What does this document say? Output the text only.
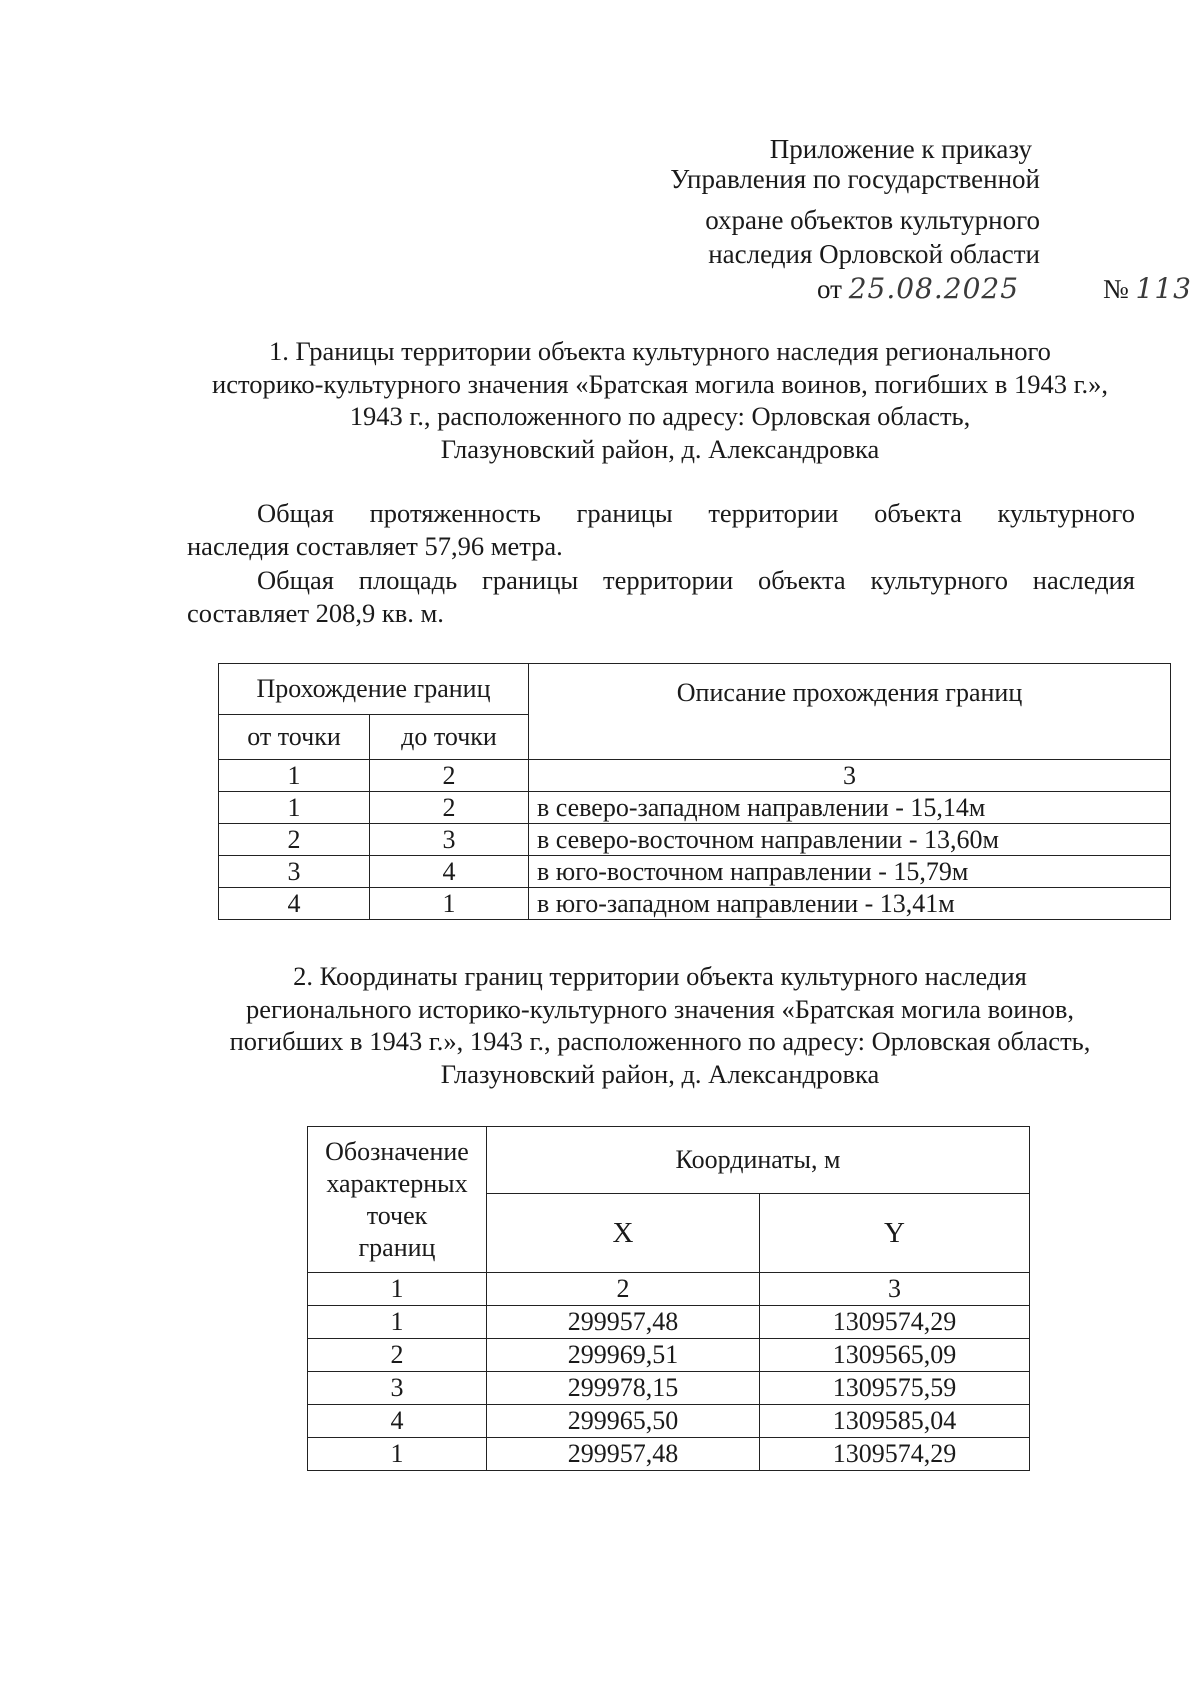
Приложение к приказу
Управления по государственной
охране объектов культурного
наследия Орловской области
от 25.08.2025	№ 113
1. Границы территории объекта культурного наследия регионального
историко-культурного значения «Братская могила воинов, погибших в 1943 г.»,
1943 г., расположенного по адресу: Орловская область,
Глазуновский район, д. Александровка
Общая протяженность границы территории объекта культурного
наследия составляет 57,96 метра.
Общая площадь границы территории объекта культурного наследия
составляет 208,9 кв. м.
Прохождение границ		Описание прохождения границ
от точки	до точки	
1	2	3
1	2	в северо-западном направлении - 15,14м
2	3	в северо-восточном направлении - 13,60м
3	4	в юго-восточном направлении - 15,79м
4	1	в юго-западном направлении - 13,41м
2. Координаты границ территории объекта культурного наследия
регионального историко-культурного значения «Братская могила воинов,
погибших в 1943 г.», 1943 г., расположенного по адресу: Орловская область,
Глазуновский район, д. Александровка
Обозначение
характерных
точек
границ	Координаты, м	
	X	Y
1	2	3
1	299957,48	1309574,29
2	299969,51	1309565,09
3	299978,15	1309575,59
4	299965,50	1309585,04
1	299957,48	1309574,29
